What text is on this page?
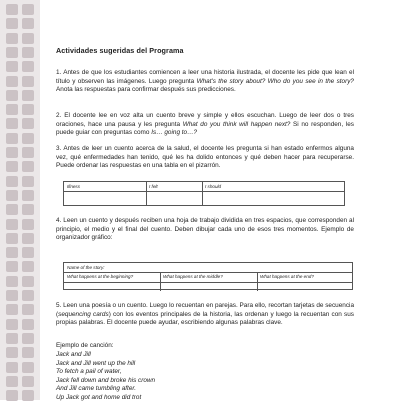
Actividades sugeridas del Programa
1. Antes de que los estudiantes comiencen a leer una historia ilustrada, el docente les pide que lean el título y observen las imágenes. Luego pregunta What's the story about? Who do you see in the story? Anota las respuestas para confirmar después sus predicciones.
2. El docente lee en voz alta un cuento breve y simple y ellos escuchan. Luego de leer dos o tres oraciones, hace una pausa y les pregunta What do you think will happen next? Si no responden, les puede guiar con preguntas como Is… going to…?
3. Antes de leer un cuento acerca de la salud, el docente les pregunta si han estado enfermos alguna vez, qué enfermedades han tenido, qué les ha dolido entonces y qué deben hacer para recuperarse. Puede ordenar las respuestas en una tabla en el pizarrón.
Illness	I felt	I should
4. Leen un cuento y después reciben una hoja de trabajo dividida en tres espacios, que corresponden al principio, el medio y el final del cuento. Deben dibujar cada uno de esos tres momentos. Ejemplo de organizador gráfico:
Name of the story:
What happens at the beginning?	What happens at the middle?	What happens at the end?
5. Leen una poesía o un cuento. Luego lo recuentan en parejas. Para ello, recortan tarjetas de secuencia (sequencing cards) con los eventos principales de la historia, las ordenan y luego la recuentan con sus propias palabras. El docente puede ayudar, escribiendo algunas palabras clave.
Ejemplo de canción:
Jack and Jill
Jack and Jill went up the hill
To fetch a pail of water,
Jack fell down and broke his crown
And Jill came tumbling after.
Up Jack got and home did trot
